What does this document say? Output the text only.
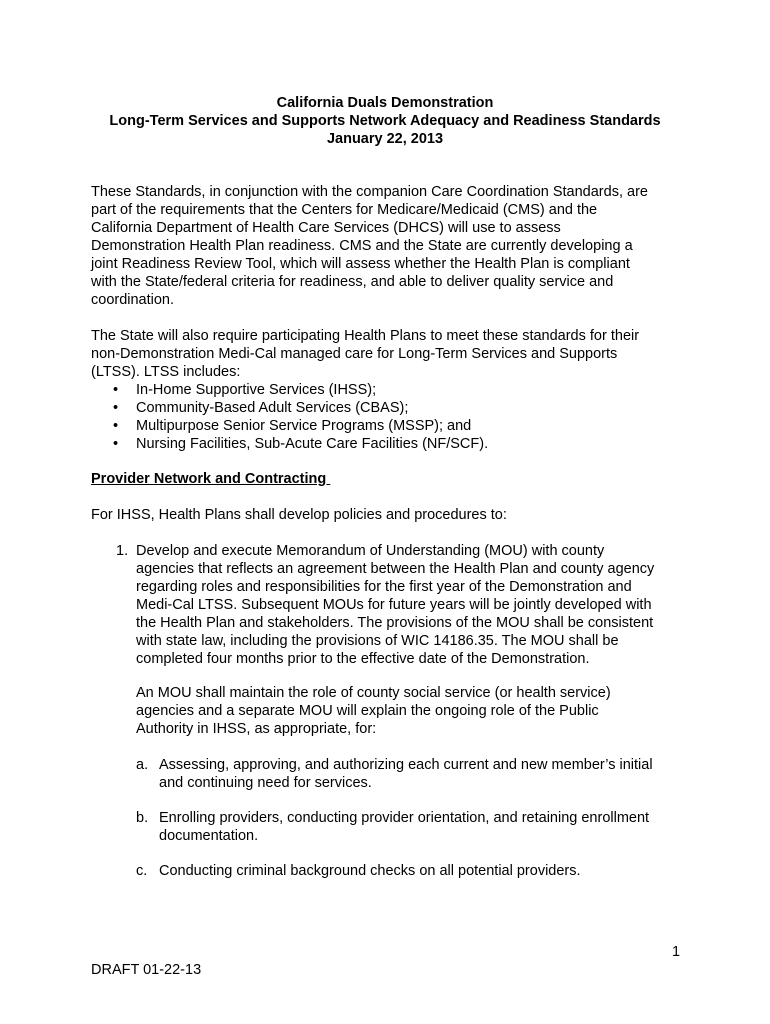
California Duals Demonstration
Long-Term Services and Supports Network Adequacy and Readiness Standards
January 22, 2013
These Standards, in conjunction with the companion Care Coordination Standards, are
part of the requirements that the Centers for Medicare/Medicaid (CMS) and the
California Department of Health Care Services (DHCS) will use to assess
Demonstration Health Plan readiness. CMS and the State are currently developing a
joint Readiness Review Tool, which will assess whether the Health Plan is compliant
with the State/federal criteria for readiness, and able to deliver quality service and
coordination.
The State will also require participating Health Plans to meet these standards for their
non-Demonstration Medi-Cal managed care for Long-Term Services and Supports
(LTSS). LTSS includes:
• In-Home Supportive Services (IHSS);
• Community-Based Adult Services (CBAS);
• Multipurpose Senior Service Programs (MSSP); and
• Nursing Facilities, Sub-Acute Care Facilities (NF/SCF).
Provider Network and Contracting
For IHSS, Health Plans shall develop policies and procedures to:
1. Develop and execute Memorandum of Understanding (MOU) with county
agencies that reflects an agreement between the Health Plan and county agency
regarding roles and responsibilities for the first year of the Demonstration and
Medi-Cal LTSS. Subsequent MOUs for future years will be jointly developed with
the Health Plan and stakeholders. The provisions of the MOU shall be consistent
with state law, including the provisions of WIC 14186.35. The MOU shall be
completed four months prior to the effective date of the Demonstration.
An MOU shall maintain the role of county social service (or health service)
agencies and a separate MOU will explain the ongoing role of the Public
Authority in IHSS, as appropriate, for:
a. Assessing, approving, and authorizing each current and new member’s initial
and continuing need for services.
b. Enrolling providers, conducting provider orientation, and retaining enrollment
documentation.
c. Conducting criminal background checks on all potential providers.
1
DRAFT 01-22-13
